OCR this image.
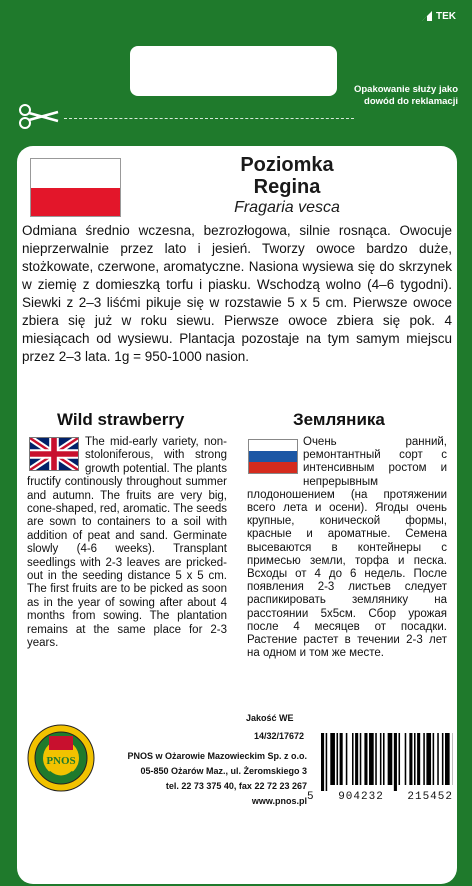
TEK
Opakowanie służy jako dowód do reklamacji
Poziomka
Regina
Fragaria vesca
Odmiana średnio wczesna, bezrozłogowa, silnie rosnąca. Owocuje nieprzerwalnie przez lato i jesień. Tworzy owoce bardzo duże, stożkowate, czerwone, aromatyczne. Nasiona wysiewa się do skrzynek w ziemię z domieszką torfu i piasku. Wschodzą wolno (4–6 tygodni). Siewki z 2–3 liśćmi pikuje się w rozstawie 5 x 5 cm. Pierwsze owoce zbiera się już w roku siewu. Pierwsze owoce zbiera się pok. 4 miesiącach od wysiewu. Plantacja pozostaje na tym samym miejscu przez 2–3 lata. 1g = 950-1000 nasion.
Wild strawberry	Земляника
The mid-early variety, non-stoloniferous, with strong growth potential. The plants fructify continously throughout summer and autumn. The fruits are very big, cone-shaped, red, aromatic. The seeds are sown to containers to a soil with addition of peat and sand. Germinate slowly (4-6 weeks). Transplant seedlings with 2-3 leaves are pricked-out in the seeding distance 5 x 5 cm. The first fruits are to be picked as soon as in the year of sowing after about 4 months from sowing. The plantation remains at the same place for 2-3 years.
Очень ранний, ремонтантный сорт с интенсивным ростом и непрерывным плодоношением (на протяжении всего лета и осени). Ягоды очень крупные, конической формы, красные и ароматные. Семена высеваются в контейнеры с примесью земли, торфа и песка. Всходы от 4 до 6 недель. После появления 2-3 листьев следует распикировать землянику на расстоянии 5х5см. Сбор урожая после 4 месяцев от посадки. Растение растет в течении 2-3 лет на одном и том же месте.
PNOS
Jakość WE
14/32/17672
PNOS w Ożarowie Mazowieckim Sp. z o.o.
05-850 Ożarów Maz., ul. Żeromskiego 3
tel. 22 73 375 40, fax 22 72 23 267
www.pnos.pl 5 904232 215452
